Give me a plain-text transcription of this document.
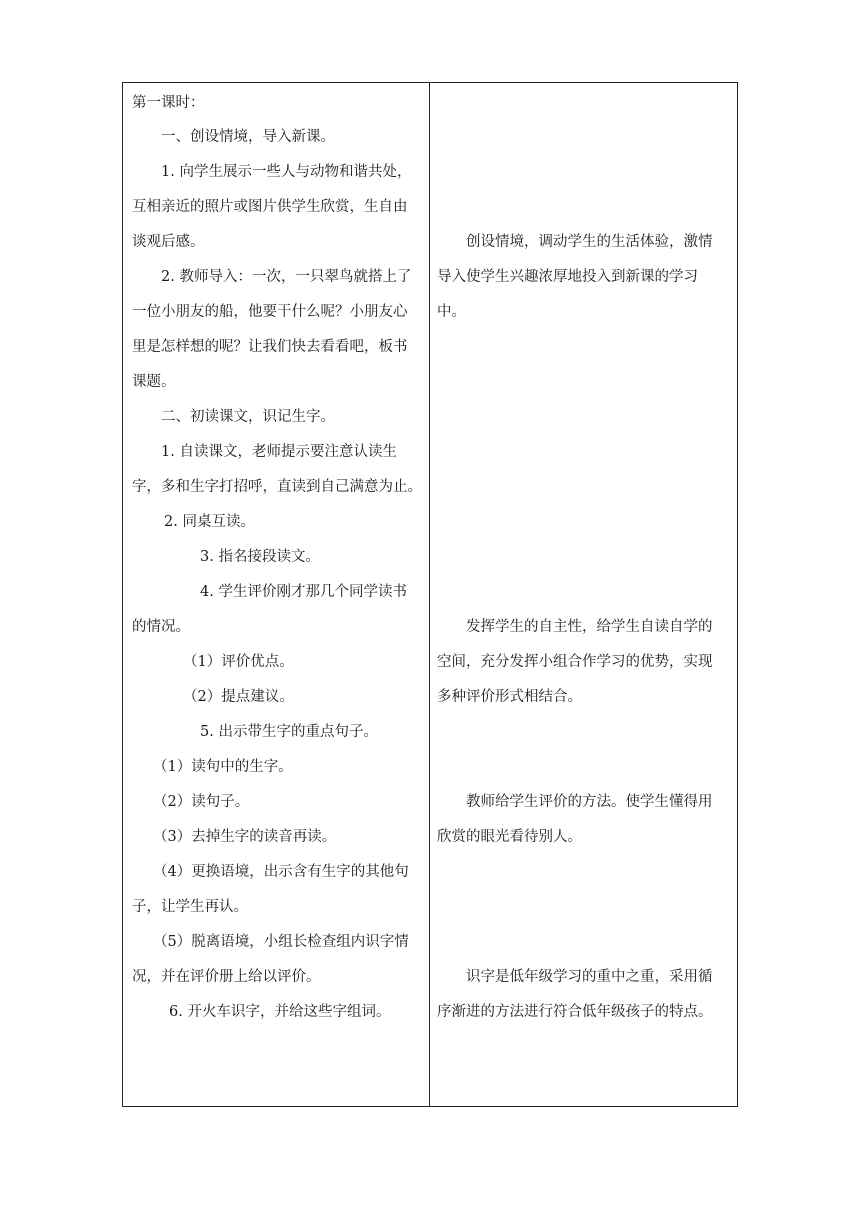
第一课时：
一、创设情境，导入新课。
1. 向学生展示一些人与动物和谐共处，
互相亲近的照片或图片供学生欣赏，生自由
谈观后感。
2. 教师导入：一次，一只翠鸟就搭上了
一位小朋友的船，他要干什么呢？小朋友心
里是怎样想的呢？让我们快去看看吧，板书
课题。
二、初读课文，识记生字。
1. 自读课文，老师提示要注意认读生
字，多和生字打招呼，直读到自己满意为止。
2. 同桌互读。
3. 指名接段读文。
4. 学生评价刚才那几个同学读书
的情况。
（1）评价优点。
（2）提点建议。
5. 出示带生字的重点句子。
（1）读句中的生字。
（2）读句子。
（3）去掉生字的读音再读。
（4）更换语境，出示含有生字的其他句
子，让学生再认。
（5）脱离语境，小组长检查组内识字情
况，并在评价册上给以评价。
6. 开火车识字，并给这些字组词。
创设情境，调动学生的生活体验，激情
导入使学生兴趣浓厚地投入到新课的学习
中。
发挥学生的自主性，给学生自读自学的
空间，充分发挥小组合作学习的优势，实现
多种评价形式相结合。
教师给学生评价的方法。使学生懂得用
欣赏的眼光看待别人。
识字是低年级学习的重中之重，采用循
序渐进的方法进行符合低年级孩子的特点。
